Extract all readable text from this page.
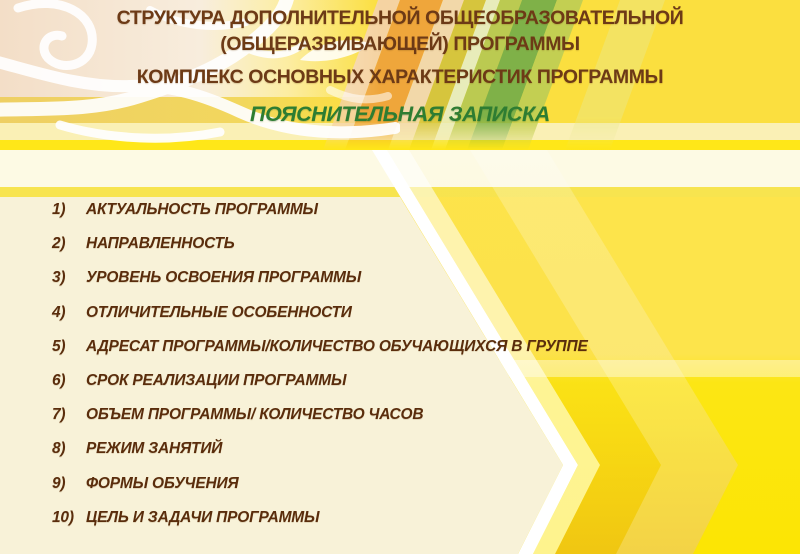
СТРУКТУРА ДОПОЛНИТЕЛЬНОЙ ОБЩЕОБРАЗОВАТЕЛЬНОЙ
(ОБЩЕРАЗВИВАЮЩЕЙ) ПРОГРАММЫ
КОМПЛЕКС ОСНОВНЫХ ХАРАКТЕРИСТИК ПРОГРАММЫ
ПОЯСНИТЕЛЬНАЯ ЗАПИСКА
1)	АКТУАЛЬНОСТЬ ПРОГРАММЫ
2)	НАПРАВЛЕННОСТЬ
3)	УРОВЕНЬ ОСВОЕНИЯ ПРОГРАММЫ
4)	ОТЛИЧИТЕЛЬНЫЕ ОСОБЕННОСТИ
5)	АДРЕСАТ ПРОГРАММЫ/КОЛИЧЕСТВО ОБУЧАЮЩИХСЯ В ГРУППЕ
6)	СРОК РЕАЛИЗАЦИИ ПРОГРАММЫ
7)	ОБЪЕМ ПРОГРАММЫ/ КОЛИЧЕСТВО ЧАСОВ
8)	РЕЖИМ ЗАНЯТИЙ
9)	ФОРМЫ ОБУЧЕНИЯ
10) ЦЕЛЬ И ЗАДАЧИ ПРОГРАММЫ
